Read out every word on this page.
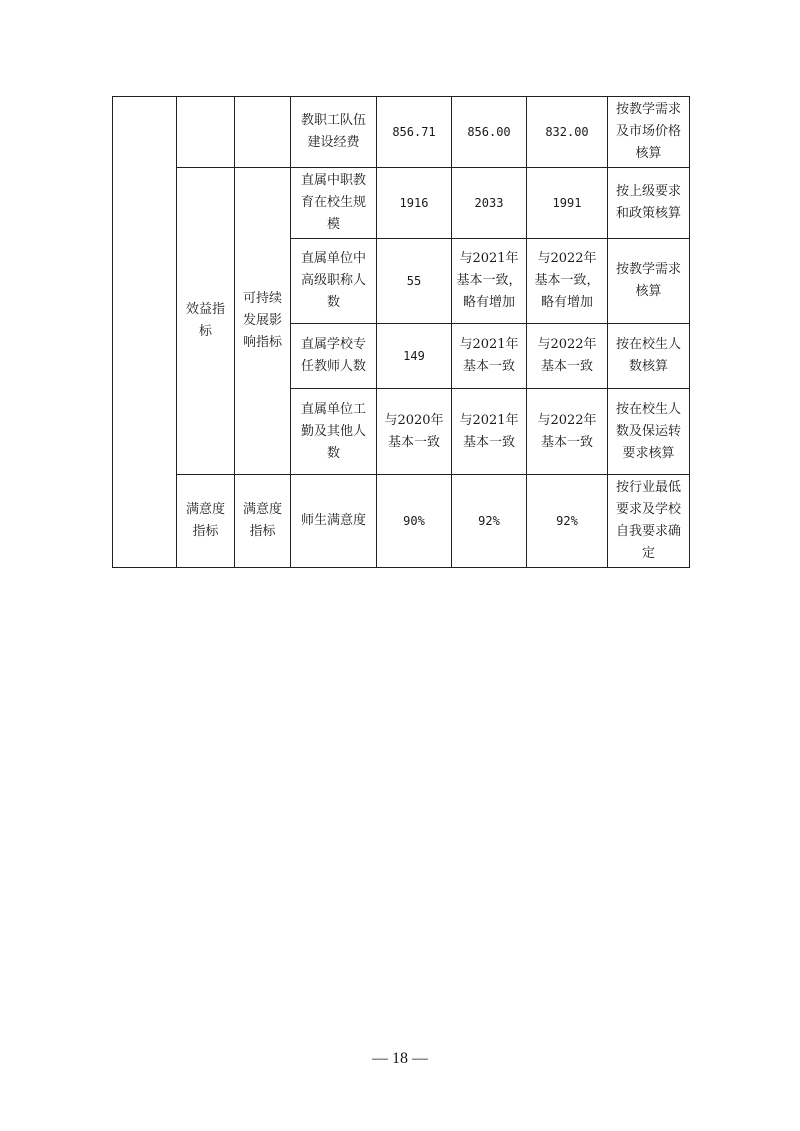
			教职工队伍建设经费	856.71	856.00	832.00	按教学需求及市场价格核算
	效益指标	可持续发展影响指标	直属中职教育在校生规模	1916	2033	1991	按上级要求和政策核算
			直属单位中高级职称人数	55	与2021年基本一致，略有增加	与2022年基本一致，略有增加	按教学需求核算
			直属学校专任教师人数	149	与2021年基本一致	与2022年基本一致	按在校生人数核算
			直属单位工勤及其他人数	与2020年基本一致	与2021年基本一致	与2022年基本一致	按在校生人数及保运转要求核算
	满意度指标	满意度指标	师生满意度	90%	92%	92%	按行业最低要求及学校自我要求确定
— 18 —
